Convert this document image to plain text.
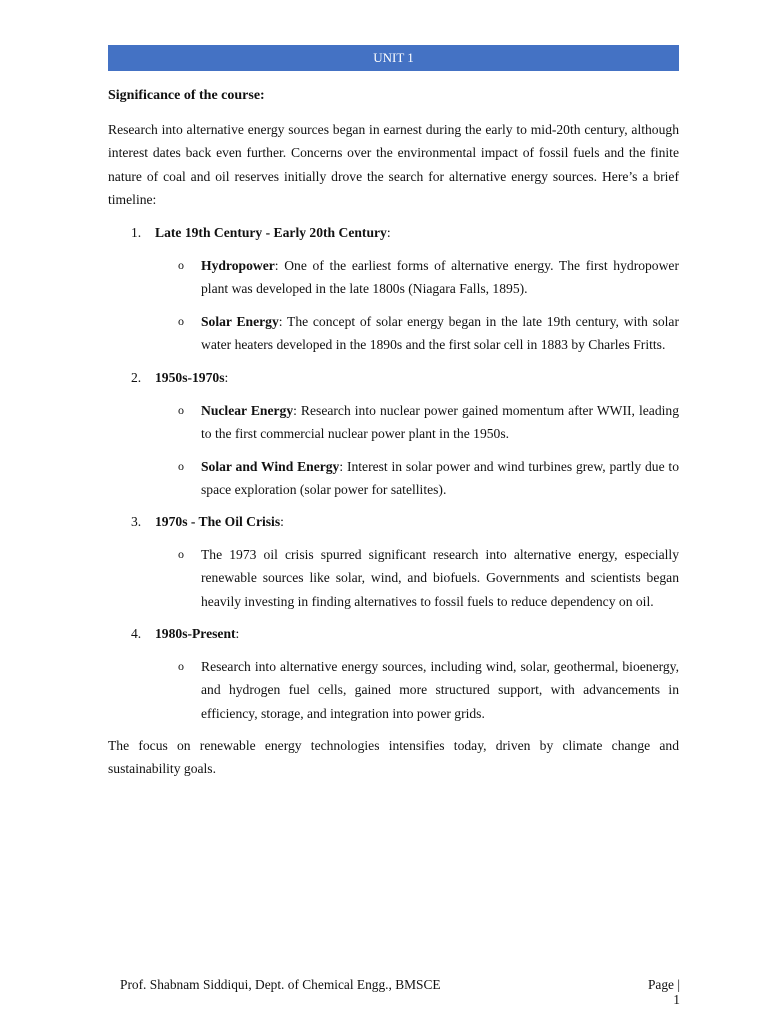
UNIT 1
Significance of the course:

Research into alternative energy sources began in earnest during the early to mid-20th century, although interest dates back even further. Concerns over the environmental impact of fossil fuels and the finite nature of coal and oil reserves initially drove the search for alternative energy sources. Here’s a brief timeline:

1.	Late 19th Century - Early 20th Century:
o	Hydropower: One of the earliest forms of alternative energy. The first hydropower plant was developed in the late 1800s (Niagara Falls, 1895).

o	Solar Energy: The concept of solar energy began in the late 19th century, with solar water heaters developed in the 1890s and the first solar cell in 1883 by Charles Fritts.

2.	1950s-1970s:
o	Nuclear Energy: Research into nuclear power gained momentum after WWII, leading to the first commercial nuclear power plant in the 1950s.

o	Solar and Wind Energy: Interest in solar power and wind turbines grew, partly due to space exploration (solar power for satellites).

3.	1970s - The Oil Crisis:
o	The 1973 oil crisis spurred significant research into alternative energy, especially renewable sources like solar, wind, and biofuels. Governments and scientists began heavily investing in finding alternatives to fossil fuels to reduce dependency on oil.

4.	1980s-Present:
o	Research into alternative energy sources, including wind, solar, geothermal, bioenergy, and hydrogen fuel cells, gained more structured support, with advancements in efficiency, storage, and integration into power grids.

The focus on renewable energy technologies intensifies today, driven by climate change and sustainability goals.

Prof. Shabnam Siddiqui, Dept. of Chemical Engg., BMSCE	Page |
1
